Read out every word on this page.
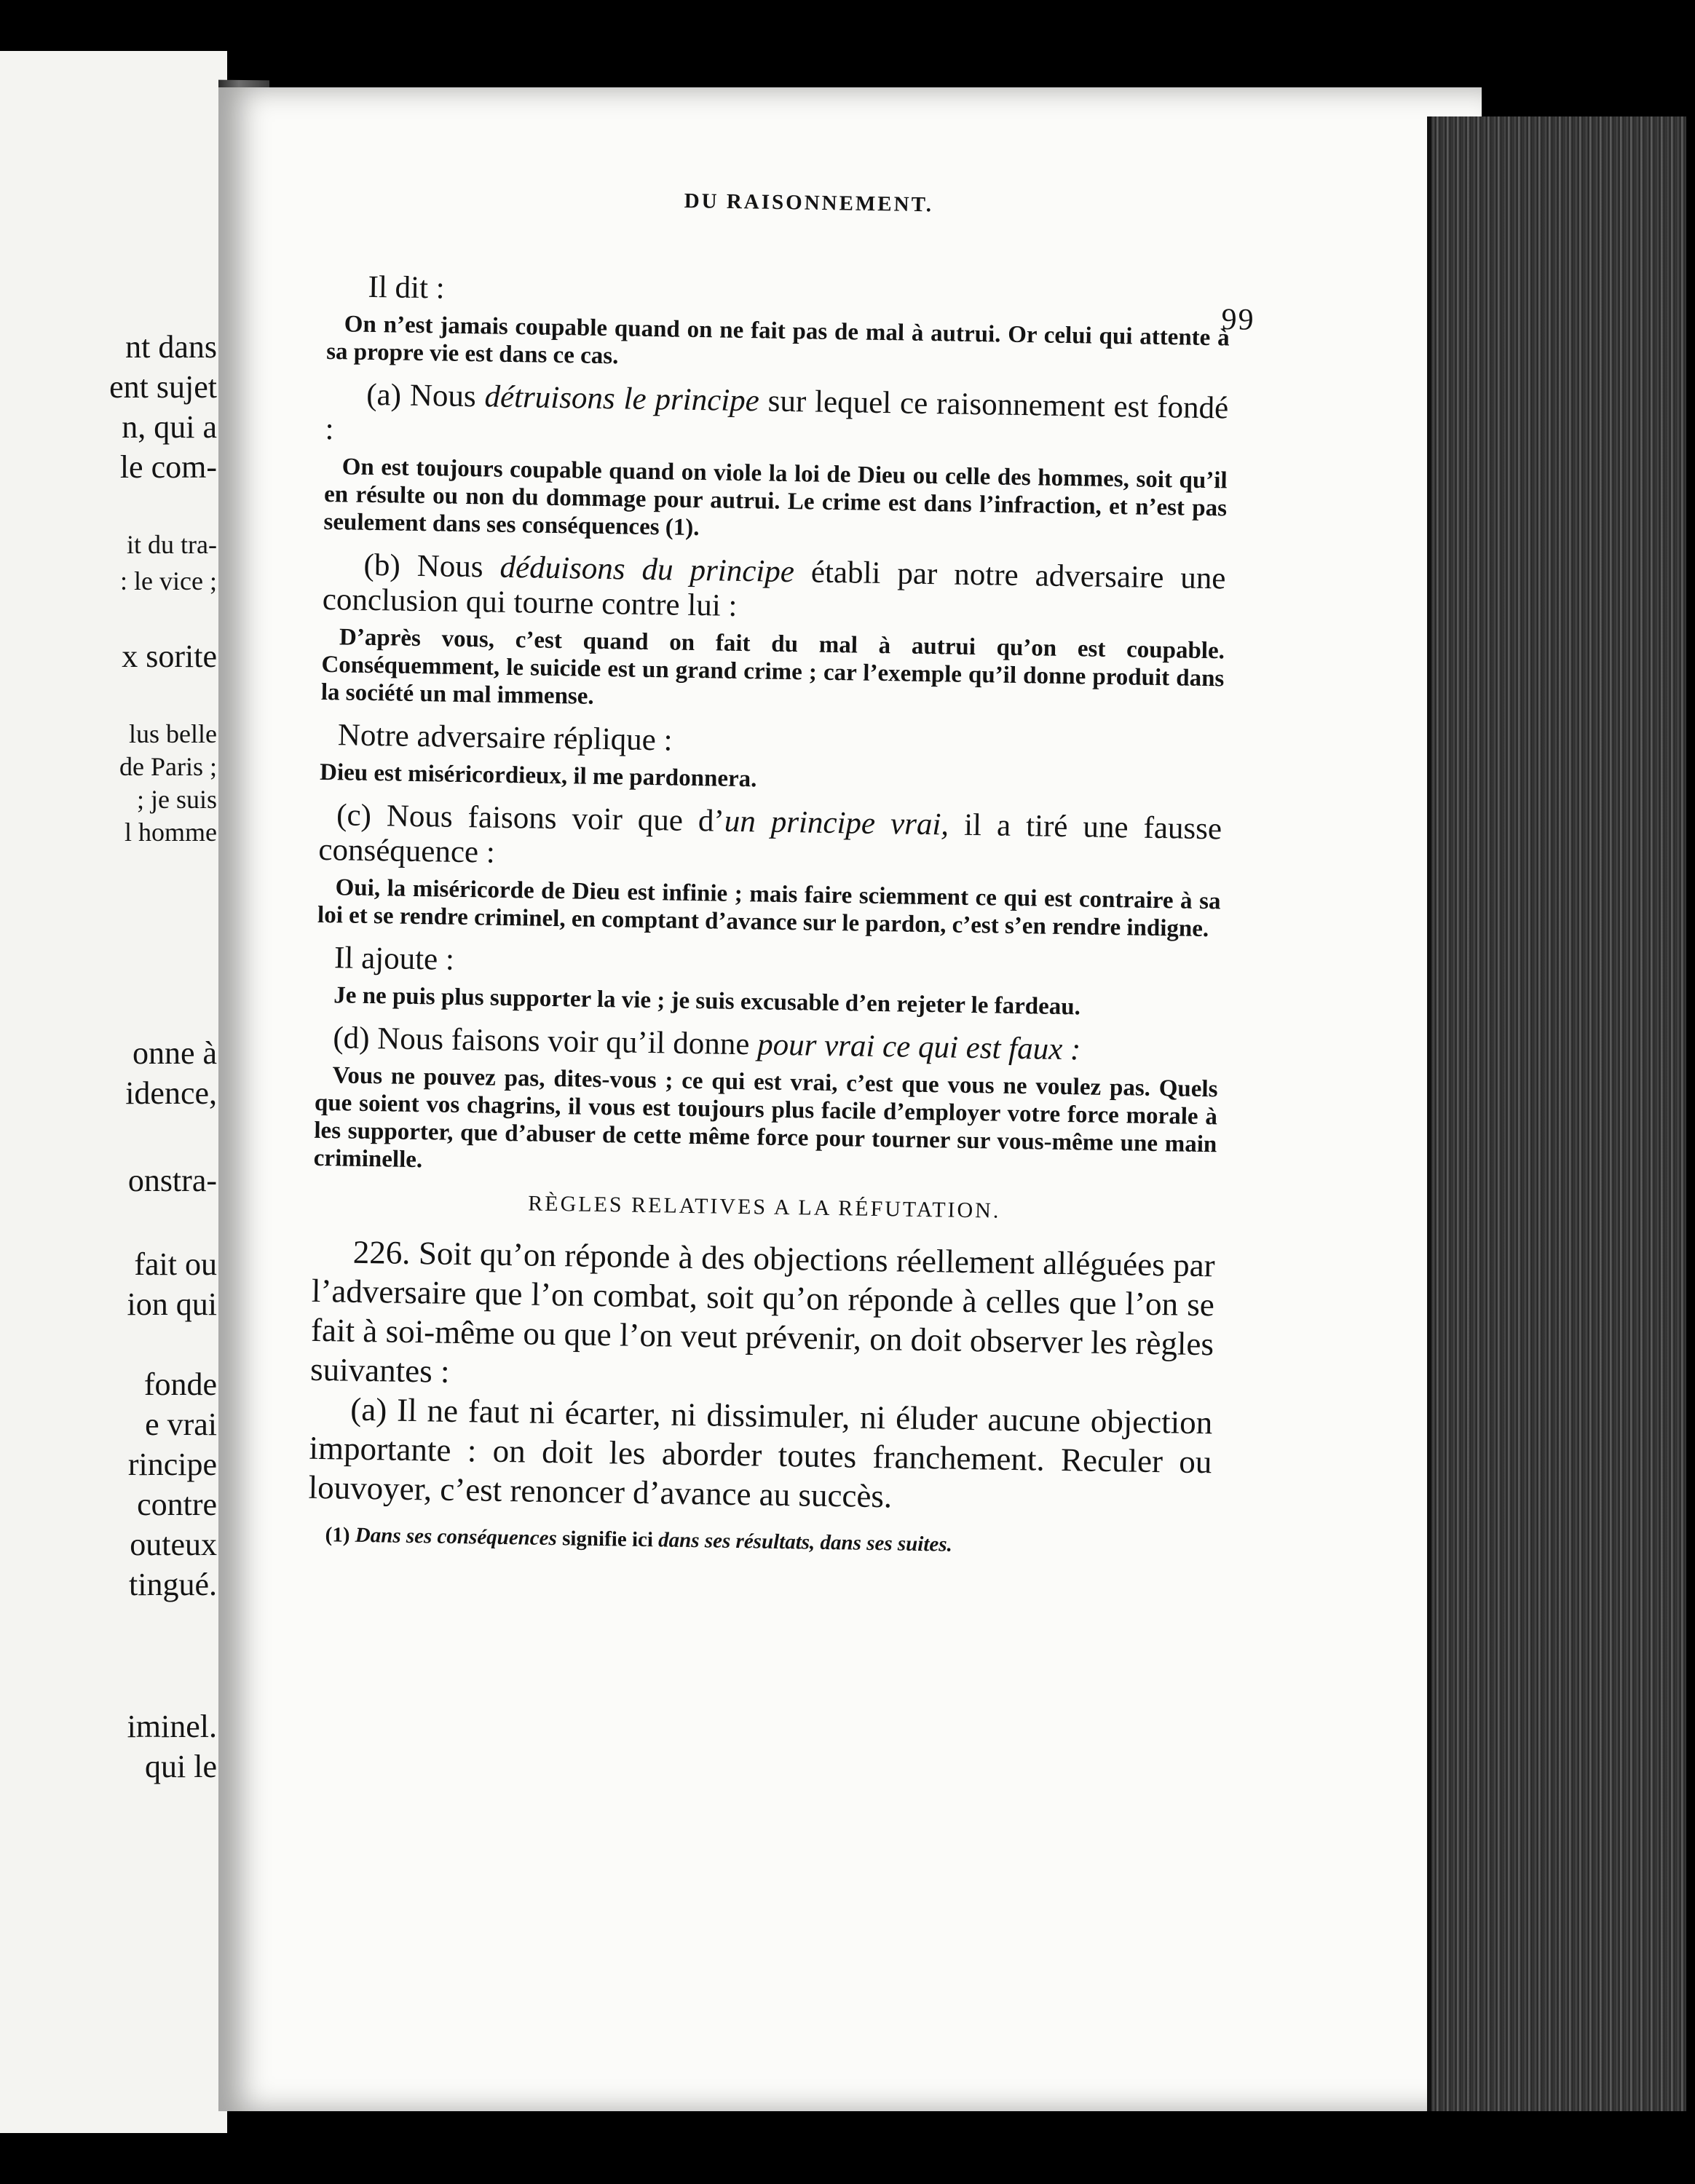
nt dans
ent sujet
n, qui a
le com-
it du tra-
: le vice ;
x sorite
lus belle
de Paris ;
; je suis
l homme
onne à
idence,
onstra-
fait ou
ion qui
fonde
e vrai
rincipe
contre
outeux
tingué.
iminel.
qui le
DU RAISONNEMENT.
99

Il dit :

On n’est jamais coupable quand on ne fait pas de mal à autrui. Or celui qui attente à sa propre vie est dans ce cas.

(a) Nous détruisons le principe sur lequel ce raisonnement est fondé :

On est toujours coupable quand on viole la loi de Dieu ou celle des hommes, soit qu’il en résulte ou non du dommage pour autrui. Le crime est dans l’infraction, et n’est pas seulement dans ses conséquences (1).

(b) Nous déduisons du principe établi par notre adversaire une conclusion qui tourne contre lui :

D’après vous, c’est quand on fait du mal à autrui qu’on est coupable. Conséquemment, le suicide est un grand crime ; car l’exemple qu’il donne produit dans la société un mal immense.

Notre adversaire réplique :

Dieu est miséricordieux, il me pardonnera.

(c) Nous faisons voir que d’un principe vrai, il a tiré une fausse conséquence :

Oui, la miséricorde de Dieu est infinie ; mais faire sciemment ce qui est contraire à sa loi et se rendre criminel, en comptant d’avance sur le pardon, c’est s’en rendre indigne.

Il ajoute :

Je ne puis plus supporter la vie ; je suis excusable d’en rejeter le fardeau.

(d) Nous faisons voir qu’il donne pour vrai ce qui est faux :

Vous ne pouvez pas, dites-vous ; ce qui est vrai, c’est que vous ne voulez pas. Quels que soient vos chagrins, il vous est toujours plus facile d’employer votre force morale à les supporter, que d’abuser de cette même force pour tourner sur vous-même une main criminelle.

RÈGLES RELATIVES A LA RÉFUTATION.

226. Soit qu’on réponde à des objections réellement alléguées par l’adversaire que l’on combat, soit qu’on réponde à celles que l’on se fait à soi-même ou que l’on veut prévenir, on doit observer les règles suivantes :

(a) Il ne faut ni écarter, ni dissimuler, ni éluder aucune objection importante : on doit les aborder toutes franchement. Reculer ou louvoyer, c’est renoncer d’avance au succès.

(1) Dans ses conséquences signifie ici dans ses résultats, dans ses suites.
